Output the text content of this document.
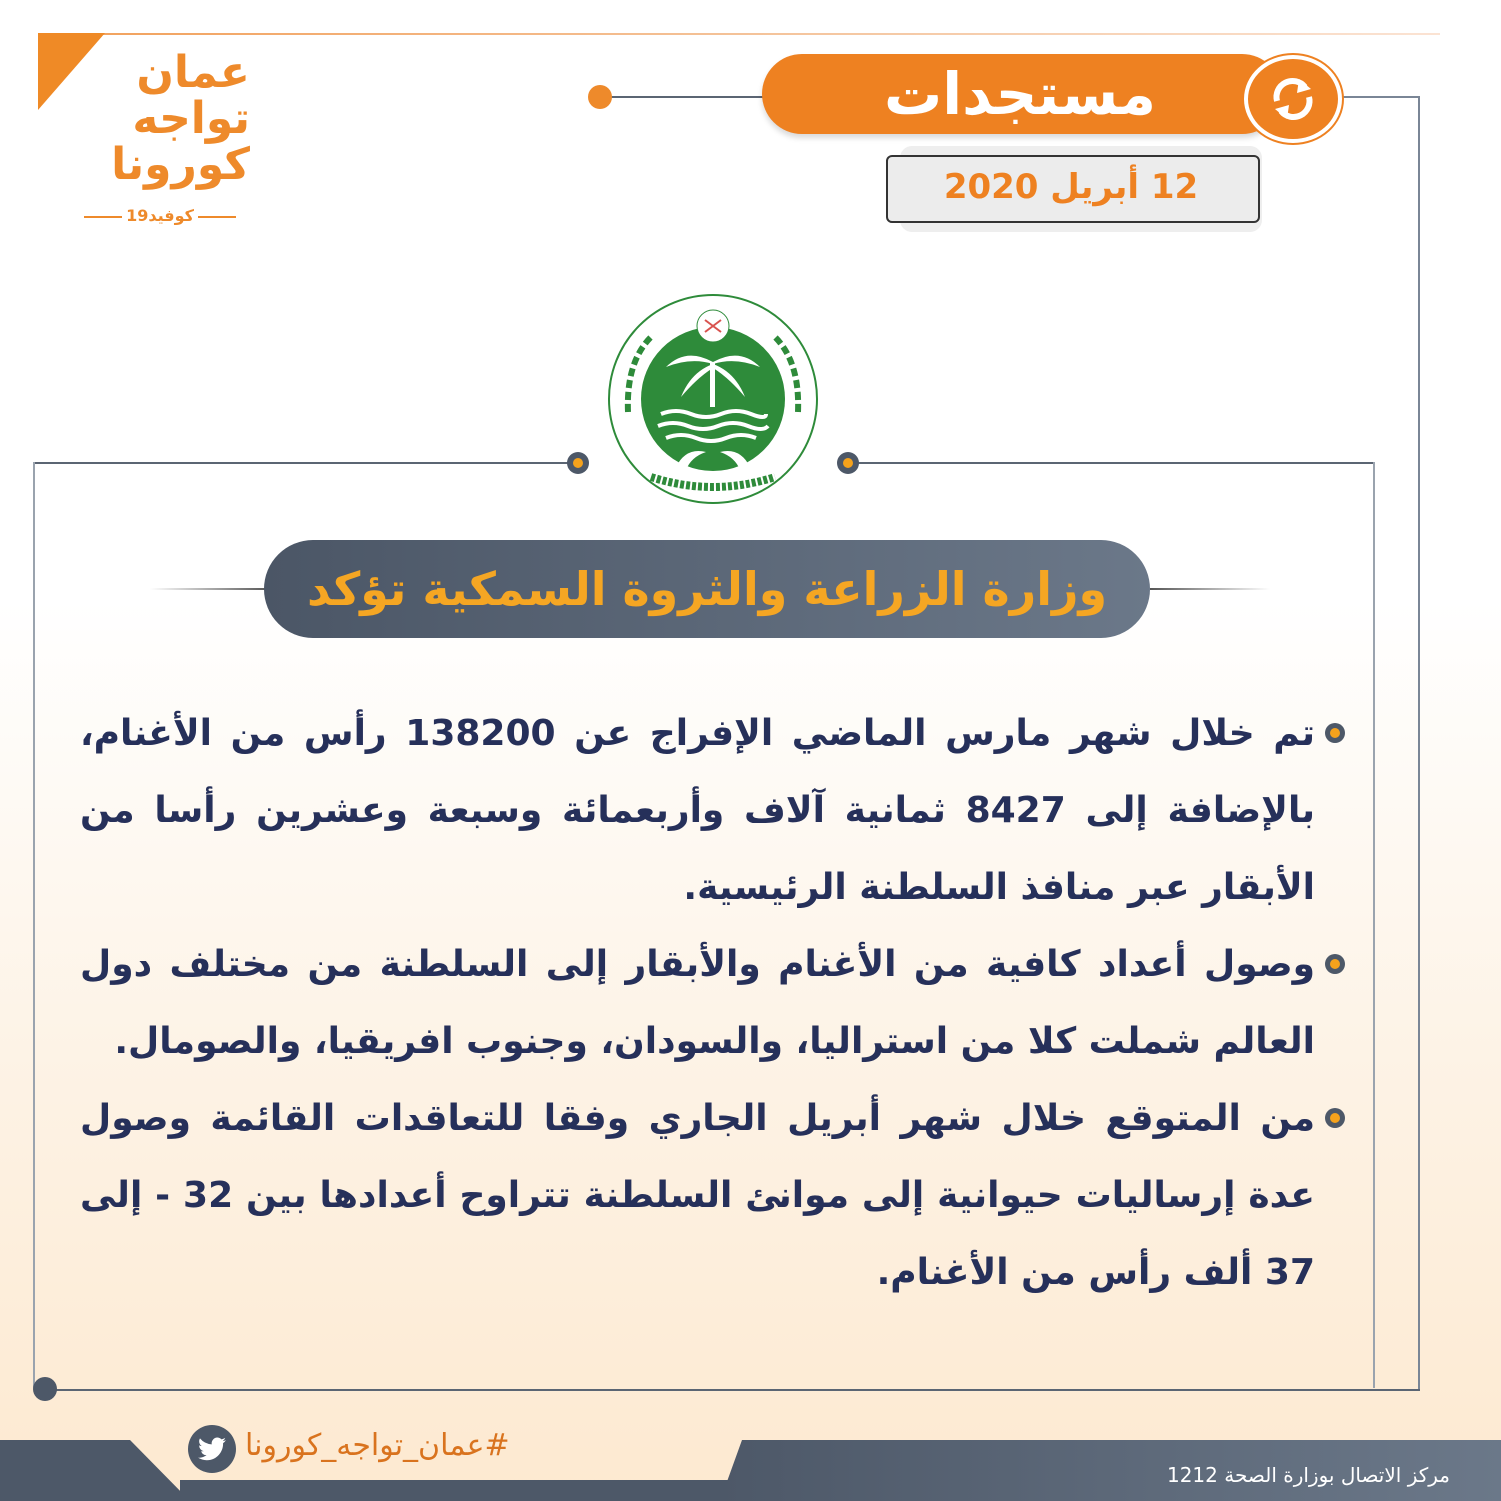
عمان
تواجه
كورونا
كوفيد19
مستجدات
12 أبريل 2020
وزارة الزراعة والثروة السمكية تؤكد
تم خلال شهر مارس الماضي الإفراج عن 138200 رأس من الأغنام، بالإضافة إلى 8427 ثمانية آلاف وأربعمائة وسبعة وعشرين رأسا من الأبقار عبر منافذ السلطنة الرئيسية.
وصول أعداد كافية من الأغنام والأبقار إلى السلطنة من مختلف دول العالم شملت كلا من استراليا، والسودان، وجنوب افريقيا، والصومال.
من المتوقع خلال شهر أبريل الجاري وفقا للتعاقدات القائمة وصول عدة إرساليات حيوانية إلى موانئ السلطنة تتراوح أعدادها بين 32 - إلى 37 ألف رأس من الأغنام.
#عمان_تواجه_كورونا
مركز الاتصال بوزارة الصحة 1212
